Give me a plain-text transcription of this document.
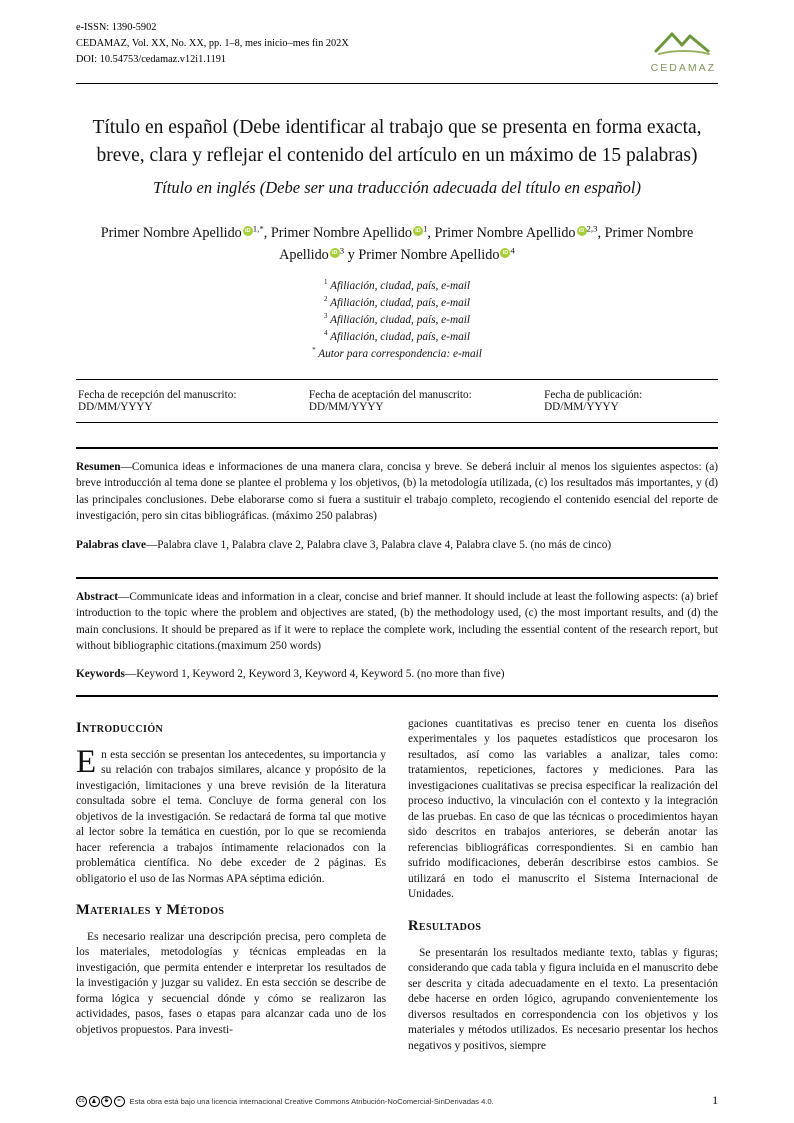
e-ISSN: 1390-5902
CEDAMAZ, Vol. XX, No. XX, pp. 1–8, mes inicio–mes fin 202X
DOI: 10.54753/cedamaz.v12i1.1191
CEDAMAZ
Título en español (Debe identificar al trabajo que se presenta en forma exacta, breve, clara y reflejar el contenido del artículo en un máximo de 15 palabras)
Título en inglés (Debe ser una traducción adecuada del título en español)
Primer Nombre Apellido iD $^{1,*}$, Primer Nombre Apellido iD $^1$, Primer Nombre Apellido iD $^{2,3}$, Primer Nombre Apellido iD $^3$ y Primer Nombre Apellido iD $^4$
$^1$ Afiliación, ciudad, país, e-mail
$^2$ Afiliación, ciudad, país, e-mail
$^3$ Afiliación, ciudad, país, e-mail
$^4$ Afiliación, ciudad, país, e-mail
* Autor para correspondencia: e-mail
Fecha de recepción del manuscrito: DD/MM/YYYY
Fecha de aceptación del manuscrito: DD/MM/YYYY
Fecha de publicación: DD/MM/YYYY

Resumen—Comunica ideas e informaciones de una manera clara, concisa y breve. Se deberá incluir al menos los siguientes aspectos: (a) breve introducción al tema done se plantee el problema y los objetivos, (b) la metodología utilizada, (c) los resultados más importantes, y (d) las principales conclusiones. Debe elaborarse como si fuera a sustituir el trabajo completo, recogiendo el contenido esencial del reporte de investigación, pero sin citas bibliográficas. (máximo 250 palabras)

Palabras clave—Palabra clave 1, Palabra clave 2, Palabra clave 3, Palabra clave 4, Palabra clave 5. (no más de cinco)

Abstract—Communicate ideas and information in a clear, concise and brief manner. It should include at least the following aspects: (a) brief introduction to the topic where the problem and objectives are stated, (b) the methodology used, (c) the most important results, and (d) the main conclusions. It should be prepared as if it were to replace the complete work, including the essential content of the research report, but without bibliographic citations.(maximum 250 words)

Keywords—Keyword 1, Keyword 2, Keyword 3, Keyword 4, Keyword 5. (no more than five)

Introducción

En esta sección se presentan los antecedentes, su importancia y su relación con trabajos similares, alcance y propósito de la investigación, limitaciones y una breve revisión de la literatura consultada sobre el tema. Concluye de forma general con los objetivos de la investigación. Se redactará de forma tal que motive al lector sobre la temática en cuestión, por lo que se recomienda hacer referencia a trabajos íntimamente relacionados con la problemática científica. No debe exceder de 2 páginas. Es obligatorio el uso de las Normas APA séptima edición.

Materiales y Métodos

Es necesario realizar una descripción precisa, pero completa de los materiales, metodologías y técnicas empleadas en la investigación, que permita entender e interpretar los resultados de la investigación y juzgar su validez. En esta sección se describe de forma lógica y secuencial dónde y cómo se realizaron las actividades, pasos, fases o etapas para alcanzar cada uno de los objetivos propuestos. Para investi-

gaciones cuantitativas es preciso tener en cuenta los diseños experimentales y los paquetes estadísticos que procesaron los resultados, así como las variables a analizar, tales como: tratamientos, repeticiones, factores y mediciones. Para las investigaciones cualitativas se precisa especificar la realización del proceso inductivo, la vinculación con el contexto y la integración de las pruebas. En caso de que las técnicas o procedimientos hayan sido descritos en trabajos anteriores, se deberán anotar las referencias bibliográficas correspondientes. Si en cambio han sufrido modificaciones, deberán describirse estos cambios. Se utilizará en todo el manuscrito el Sistema Internacional de Unidades.

Resultados

Se presentarán los resultados mediante texto, tablas y figuras; considerando que cada tabla y figura incluida en el manuscrito debe ser descrita y citada adecuadamente en el texto. La presentación debe hacerse en orden lógico, agrupando convenientemente los diversos resultados en correspondencia con los objetivos y los materiales y métodos utilizados. Es necesario presentar los hechos negativos y positivos, siempre

cc	♟	$	=	Esta obra está bajo una licencia internacional Creative Commons Atribución-NoComercial-SinDerivadas 4.0.	1
